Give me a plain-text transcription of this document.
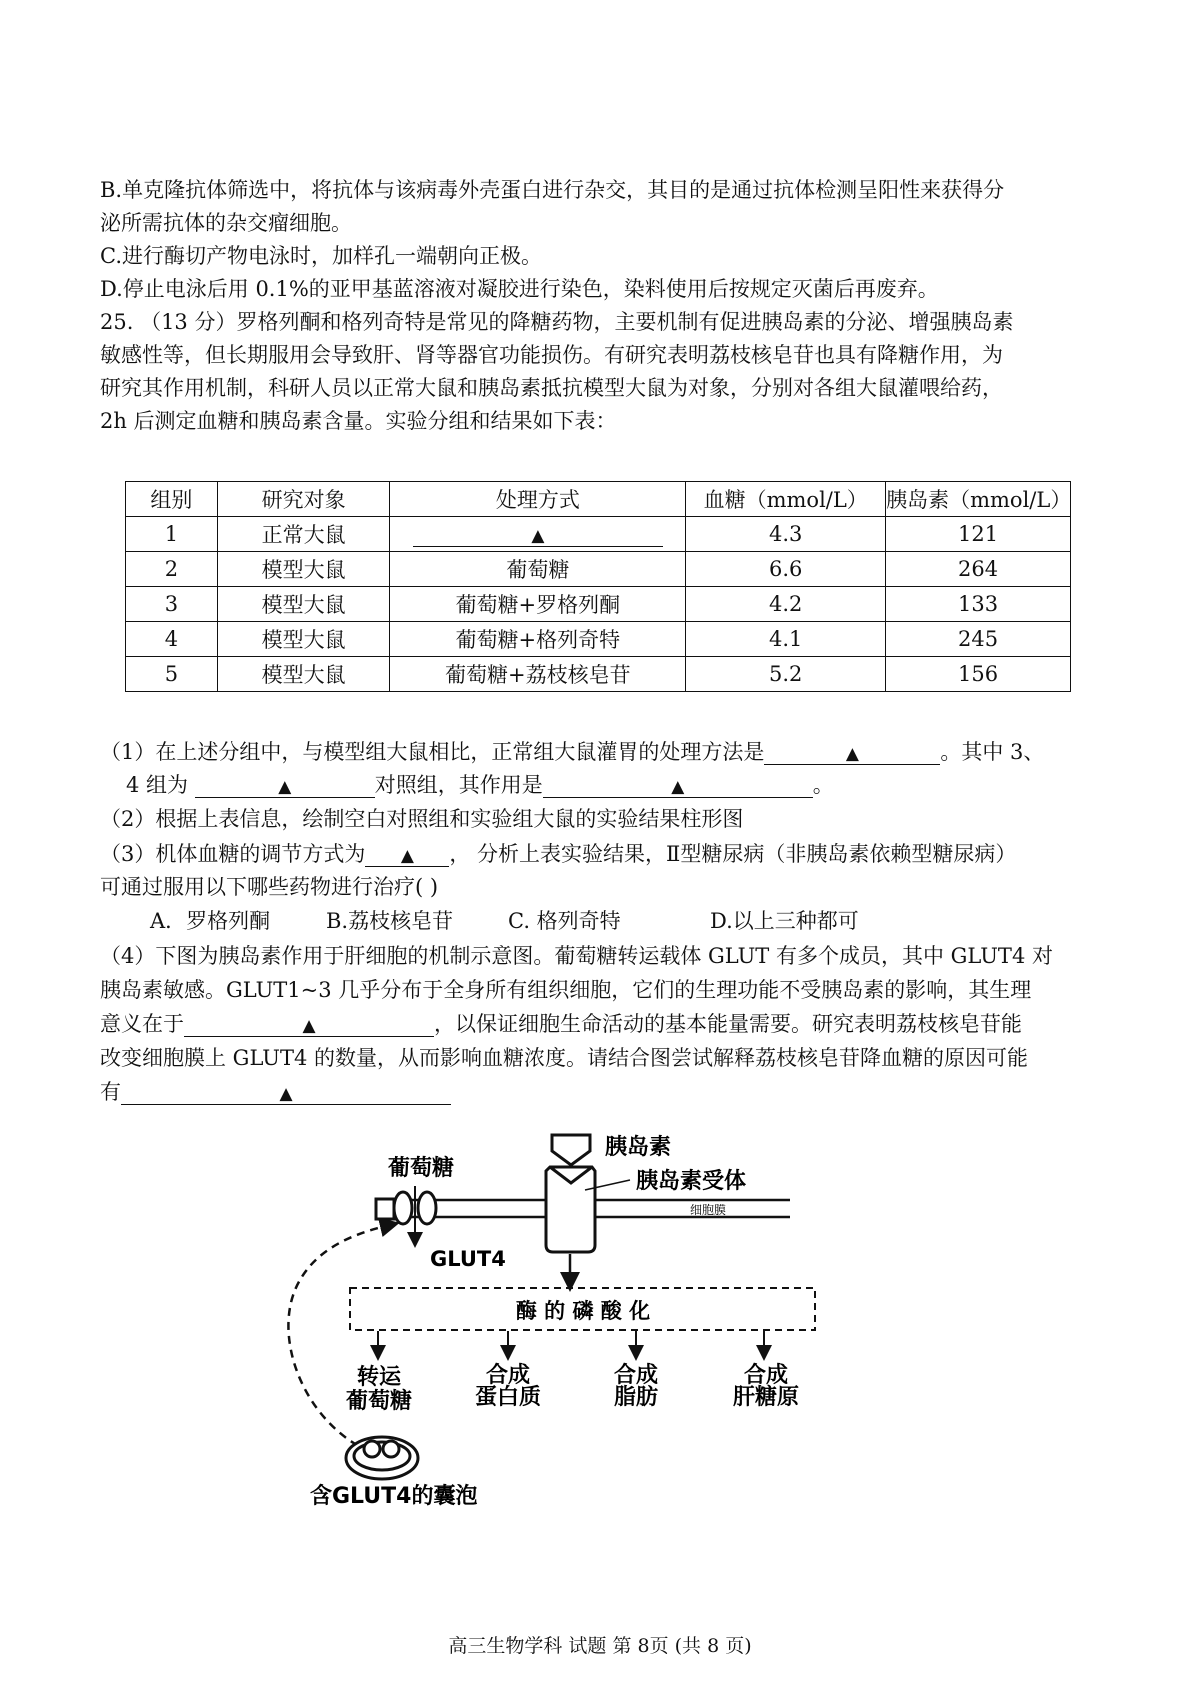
B.单克隆抗体筛选中，将抗体与该病毒外壳蛋白进行杂交，其目的是通过抗体检测呈阳性来获得分
泌所需抗体的杂交瘤细胞。
C.进行酶切产物电泳时，加样孔一端朝向正极。
D.停止电泳后用 0.1%的亚甲基蓝溶液对凝胶进行染色，染料使用后按规定灭菌后再废弃。
25. （13 分）罗格列酮和格列奇特是常见的降糖药物，主要机制有促进胰岛素的分泌、增强胰岛素
敏感性等，但长期服用会导致肝、肾等器官功能损伤。有研究表明荔枝核皂苷也具有降糖作用，为
研究其作用机制，科研人员以正常大鼠和胰岛素抵抗模型大鼠为对象，分别对各组大鼠灌喂给药，
2h 后测定血糖和胰岛素含量。实验分组和结果如下表：
组别	研究对象	处理方式	血糖（mmol/L）	胰岛素（mmol/L）
1	正常大鼠	▲	4.3	121
2	模型大鼠	葡萄糖	6.6	264
3	模型大鼠	葡萄糖+罗格列酮	4.2	133
4	模型大鼠	葡萄糖+格列奇特	4.1	245
5	模型大鼠	葡萄糖+荔枝核皂苷	5.2	156
（1）在上述分组中，与模型组大鼠相比，正常组大鼠灌胃的处理方法是	▲	。其中 3、
4 组为	▲	对照组，其作用是	▲	。
（2）根据上表信息，绘制空白对照组和实验组大鼠的实验结果柱形图
（3）机体血糖的调节方式为 ▲ ， 分析上表实验结果，Ⅱ型糖尿病（非胰岛素依赖型糖尿病）
可通过服用以下哪些药物进行治疗( )
A．罗格列酮	B.荔枝核皂苷	C. 格列奇特	D.以上三种都可
（4）下图为胰岛素作用于肝细胞的机制示意图。葡萄糖转运载体 GLUT 有多个成员，其中 GLUT4 对
胰岛素敏感。GLUT1~3 几乎分布于全身所有组织细胞，它们的生理功能不受胰岛素的影响，其生理
意义在于	▲	，以保证细胞生命活动的基本能量需要。研究表明荔枝核皂苷能
改变细胞膜上 GLUT4 的数量，从而影响血糖浓度。请结合图尝试解释荔枝核皂苷降血糖的原因可能
有	▲
葡萄糖
胰岛素
胰岛素受体
细胞膜
GLUT4
酶 的 磷 酸 化
转运
葡萄糖
合成
蛋白质
合成
脂肪
合成
肝糖原
含GLUT4的囊泡
高三生物学科 试题 第 8页 (共 8 页)
